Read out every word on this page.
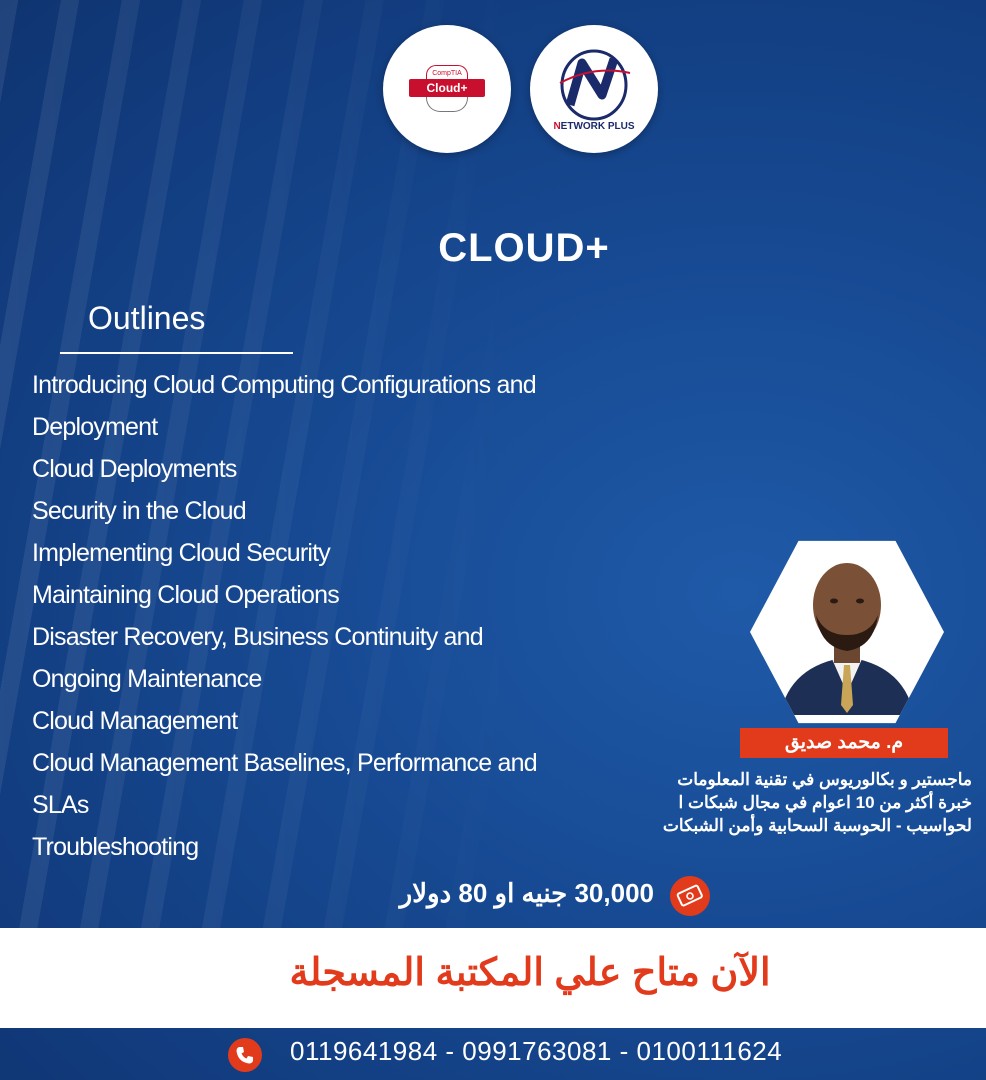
CompTIA
Cloud+
NETWORK PLUS
CLOUD+
Outlines
Introducing Cloud Computing Configurations and
Deployment
Cloud Deployments
Security in the Cloud
Implementing Cloud Security
Maintaining Cloud Operations
Disaster Recovery, Business Continuity and
Ongoing Maintenance
Cloud Management
Cloud Management Baselines, Performance and
SLAs
Troubleshooting
م. محمد صديق
ماجستير و بكالوريوس في تقنية المعلومات
خبرة أكثر من 10 اعوام في مجال شبكات ا
لحواسيب - الحوسبة السحابية وأمن الشبكات
30,000 جنيه او 80 دولار
الآن متاح علي المكتبة المسجلة
0119641984 - 0991763081 - 0100111624
